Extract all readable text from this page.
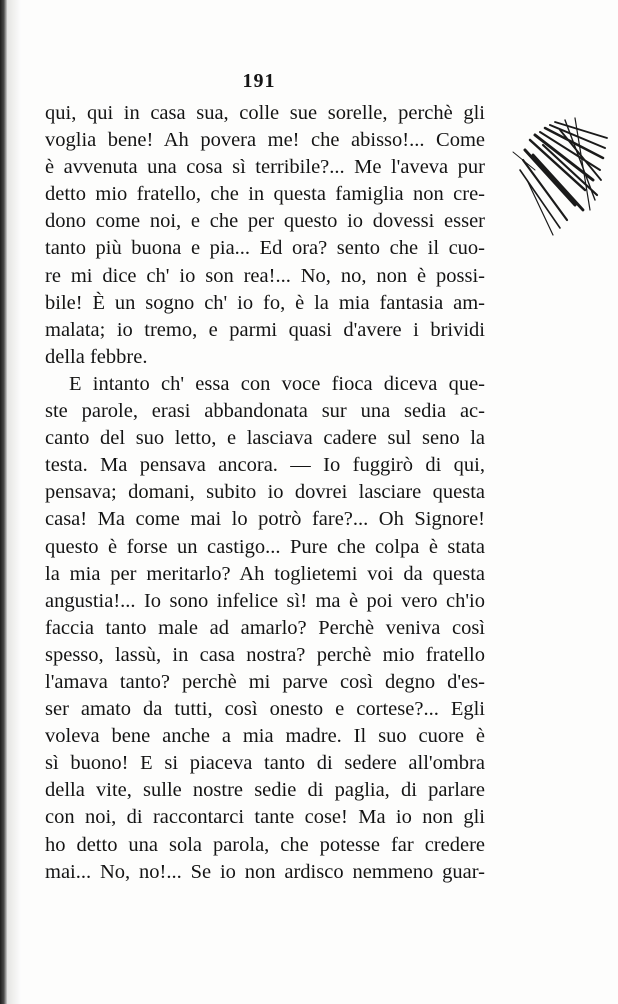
191
qui, qui in casa sua, colle sue sorelle, perchè gli
voglia bene! Ah povera me! che abisso!... Come
è avvenuta una cosa sì terribile?... Me l'aveva pur
detto mio fratello, che in questa famiglia non cre-
dono come noi, e che per questo io dovessi esser
tanto più buona e pia... Ed ora? sento che il cuo-
re mi dice ch' io son rea!... No, no, non è possi-
bile! È un sogno ch' io fo, è la mia fantasia am-
malata; io tremo, e parmi quasi d'avere i brividi
della febbre.
E intanto ch' essa con voce fioca diceva que-
ste parole, erasi abbandonata sur una sedia ac-
canto del suo letto, e lasciava cadere sul seno la
testa. Ma pensava ancora. — Io fuggirò di qui,
pensava; domani, subito io dovrei lasciare questa
casa! Ma come mai lo potrò fare?... Oh Signore!
questo è forse un castigo... Pure che colpa è stata
la mia per meritarlo? Ah toglietemi voi da questa
angustia!... Io sono infelice sì! ma è poi vero ch'io
faccia tanto male ad amarlo? Perchè veniva così
spesso, lassù, in casa nostra? perchè mio fratello
l'amava tanto? perchè mi parve così degno d'es-
ser amato da tutti, così onesto e cortese?... Egli
voleva bene anche a mia madre. Il suo cuore è
sì buono! E si piaceva tanto di sedere all'ombra
della vite, sulle nostre sedie di paglia, di parlare
con noi, di raccontarci tante cose! Ma io non gli
ho detto una sola parola, che potesse far credere
mai... No, no!... Se io non ardisco nemmeno guar-
